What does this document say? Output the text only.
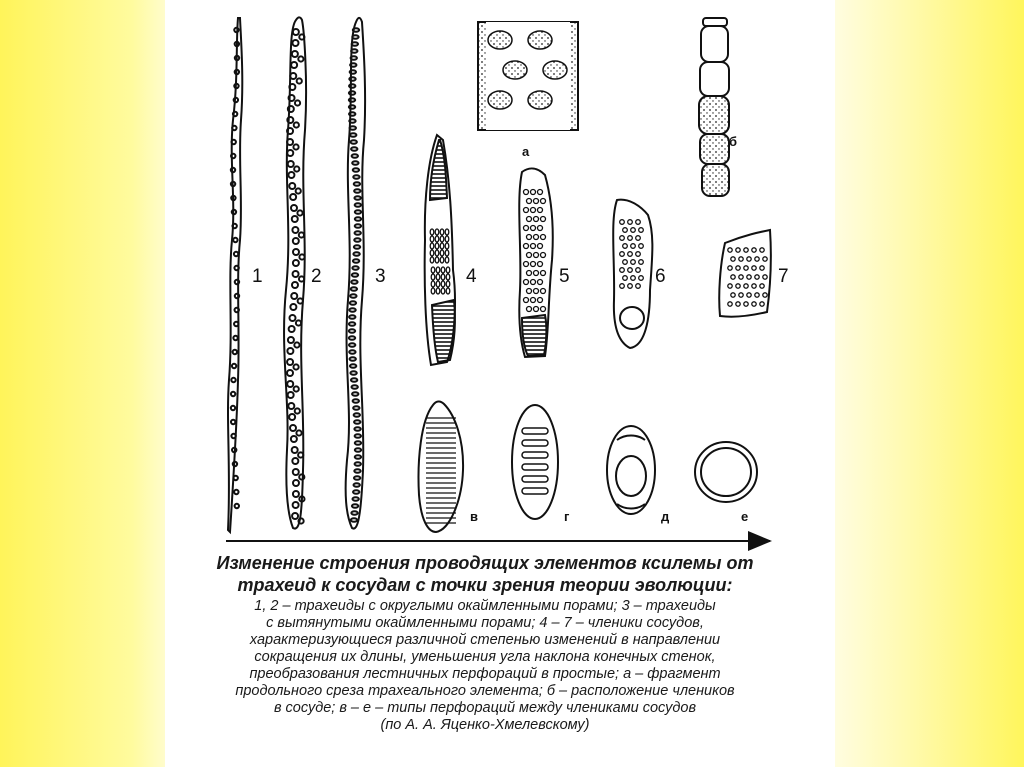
1	2	3	4	5	6	7
а
б
в	г	д	е

Изменение строения проводящих элементов ксилемы от трахеид к сосудам с точки зрения теории эволюции:

1, 2 – трахеиды с округлыми окаймленными порами; 3 – трахеиды
с вытянутыми окаймленными порами; 4 – 7 – членики сосудов,
характеризующиеся различной степенью изменений в направлении
сокращения их длины, уменьшения угла наклона конечных стенок,
преобразования лестничных перфораций в простые; а – фрагмент
продольного среза трахеального элемента; б – расположение члеников
в сосуде; в – е – типы перфораций между члениками сосудов
(по А. А. Яценко-Хмелевскому)
